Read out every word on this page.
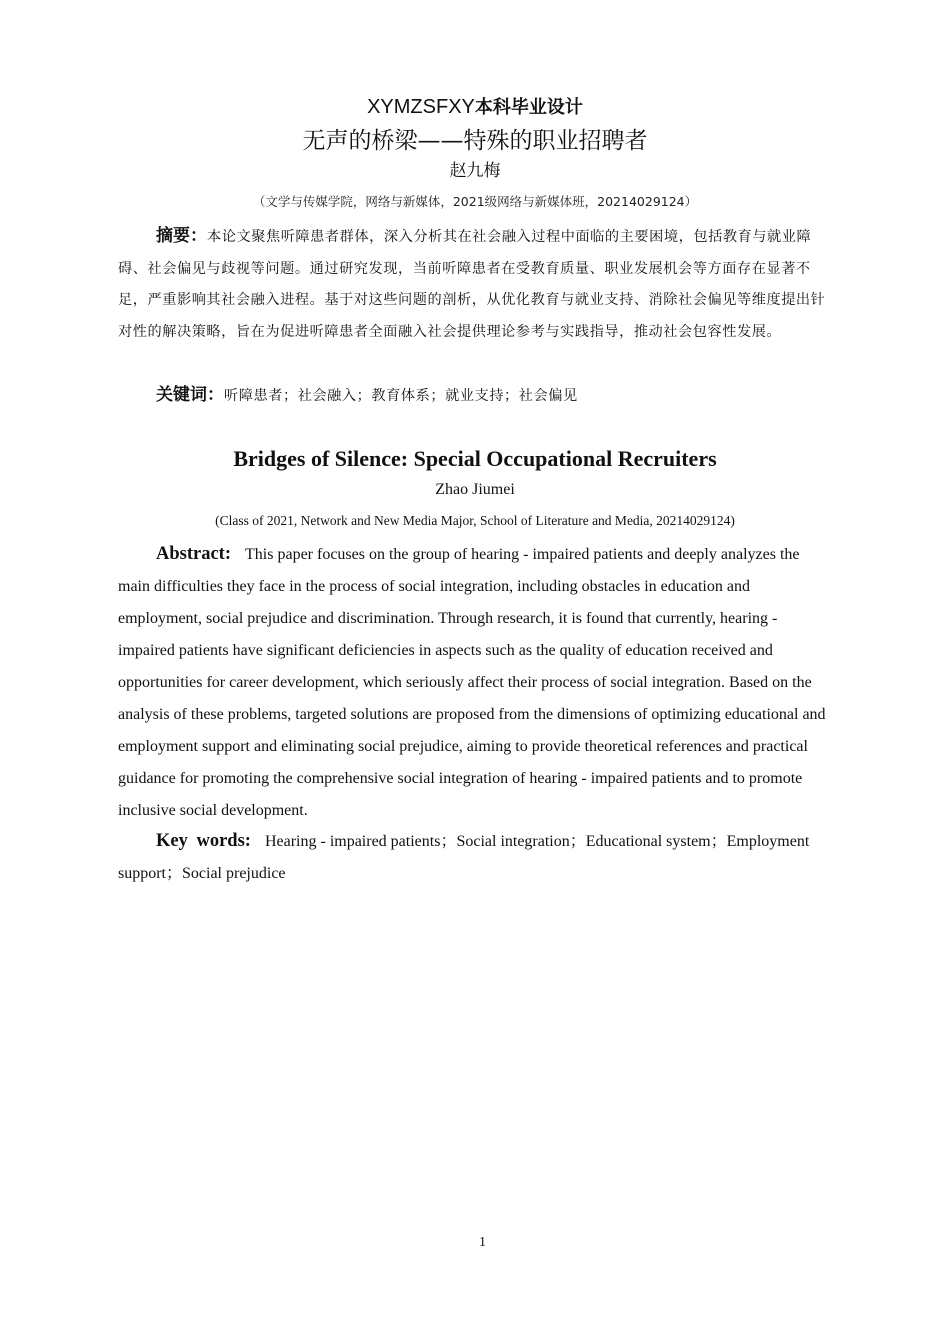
XYMZSFXY本科毕业设计
无声的桥梁——特殊的职业招聘者
赵九梅
（文学与传媒学院，网络与新媒体，2021级网络与新媒体班，20214029124）

摘要：本论文聚焦听障患者群体，深入分析其在社会融入过程中面临的主要困境，包括教育与就业障碍、社会偏见与歧视等问题。通过研究发现，当前听障患者在受教育质量、职业发展机会等方面存在显著不足，严重影响其社会融入进程。基于对这些问题的剖析，从优化教育与就业支持、消除社会偏见等维度提出针对性的解决策略，旨在为促进听障患者全面融入社会提供理论参考与实践指导，推动社会包容性发展。

关键词：听障患者；社会融入；教育体系；就业支持；社会偏见

Bridges of Silence: Special Occupational Recruiters
Zhao Jiumei
(Class of 2021, Network and New Media Major, School of Literature and Media, 20214029124)

Abstract: This paper focuses on the group of hearing - impaired patients and deeply analyzes the main difficulties they face in the process of social integration, including obstacles in education and employment, social prejudice and discrimination. Through research, it is found that currently, hearing - impaired patients have significant deficiencies in aspects such as the quality of education received and opportunities for career development, which seriously affect their process of social integration. Based on the analysis of these problems, targeted solutions are proposed from the dimensions of optimizing educational and employment support and eliminating social prejudice, aiming to provide theoretical references and practical guidance for promoting the comprehensive social integration of hearing - impaired patients and to promote inclusive social development.

Key words: Hearing - impaired patients；Social integration；Educational system；Employment support；Social prejudice

1
